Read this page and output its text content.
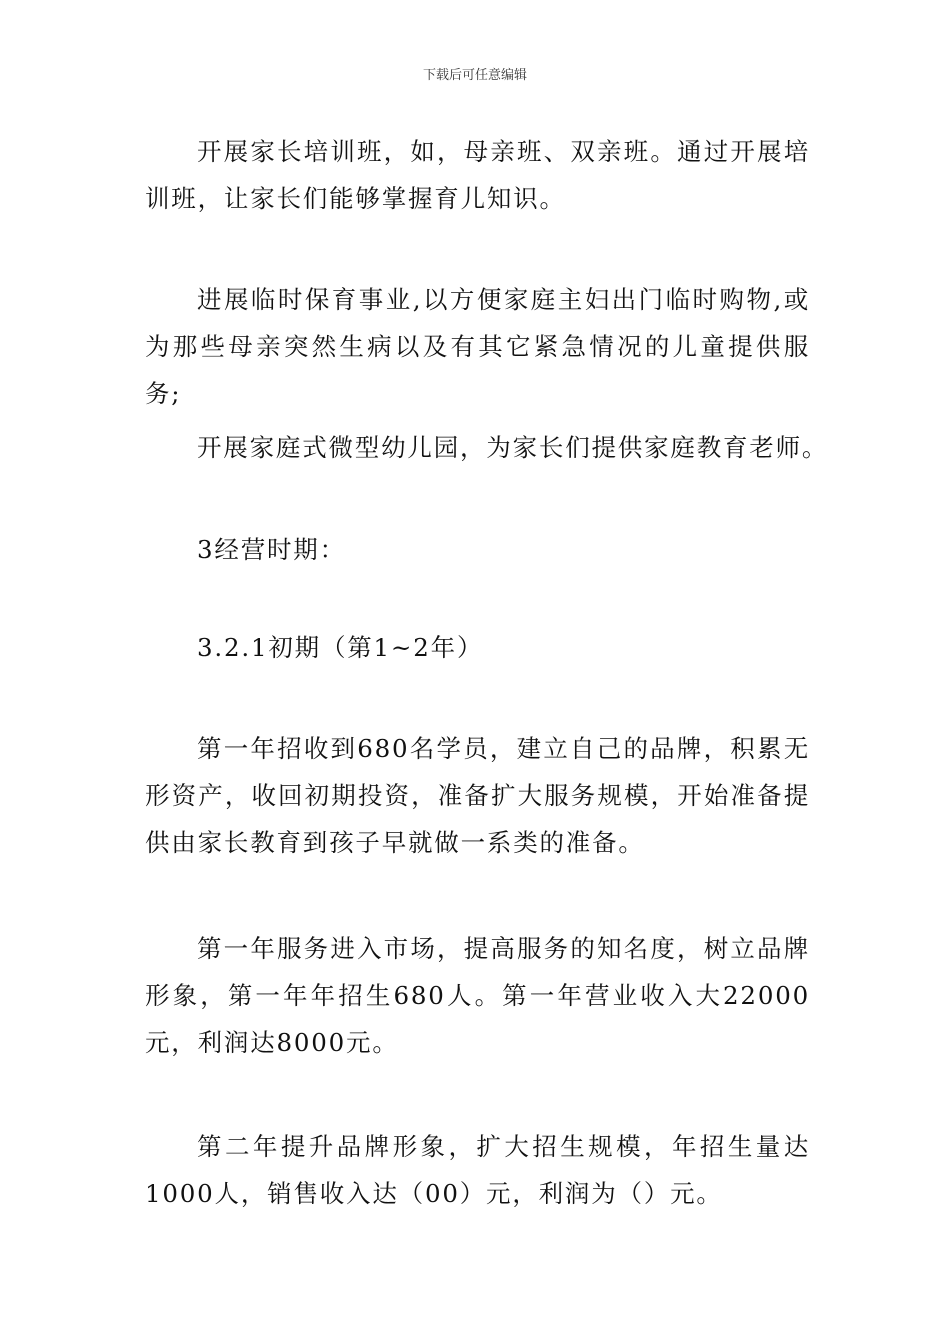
下载后可任意编辑

开展家长培训班，如，母亲班、双亲班。通过开展培训班，让家长们能够掌握育儿知识。

进展临时保育事业,以方便家庭主妇出门临时购物,或为那些母亲突然生病以及有其它紧急情况的儿童提供服务;

开展家庭式微型幼儿园，为家长们提供家庭教育老师。

3经营时期：

3.2.1初期（第1~2年）

第一年招收到680名学员，建立自己的品牌，积累无形资产，收回初期投资，准备扩大服务规模，开始准备提供由家长教育到孩子早就做一系类的准备。

第一年服务进入市场，提高服务的知名度，树立品牌形象，第一年年招生680人。第一年营业收入大22000元，利润达8000元。

第二年提升品牌形象，扩大招生规模，年招生量达1000人，销售收入达（00）元，利润为（）元。
